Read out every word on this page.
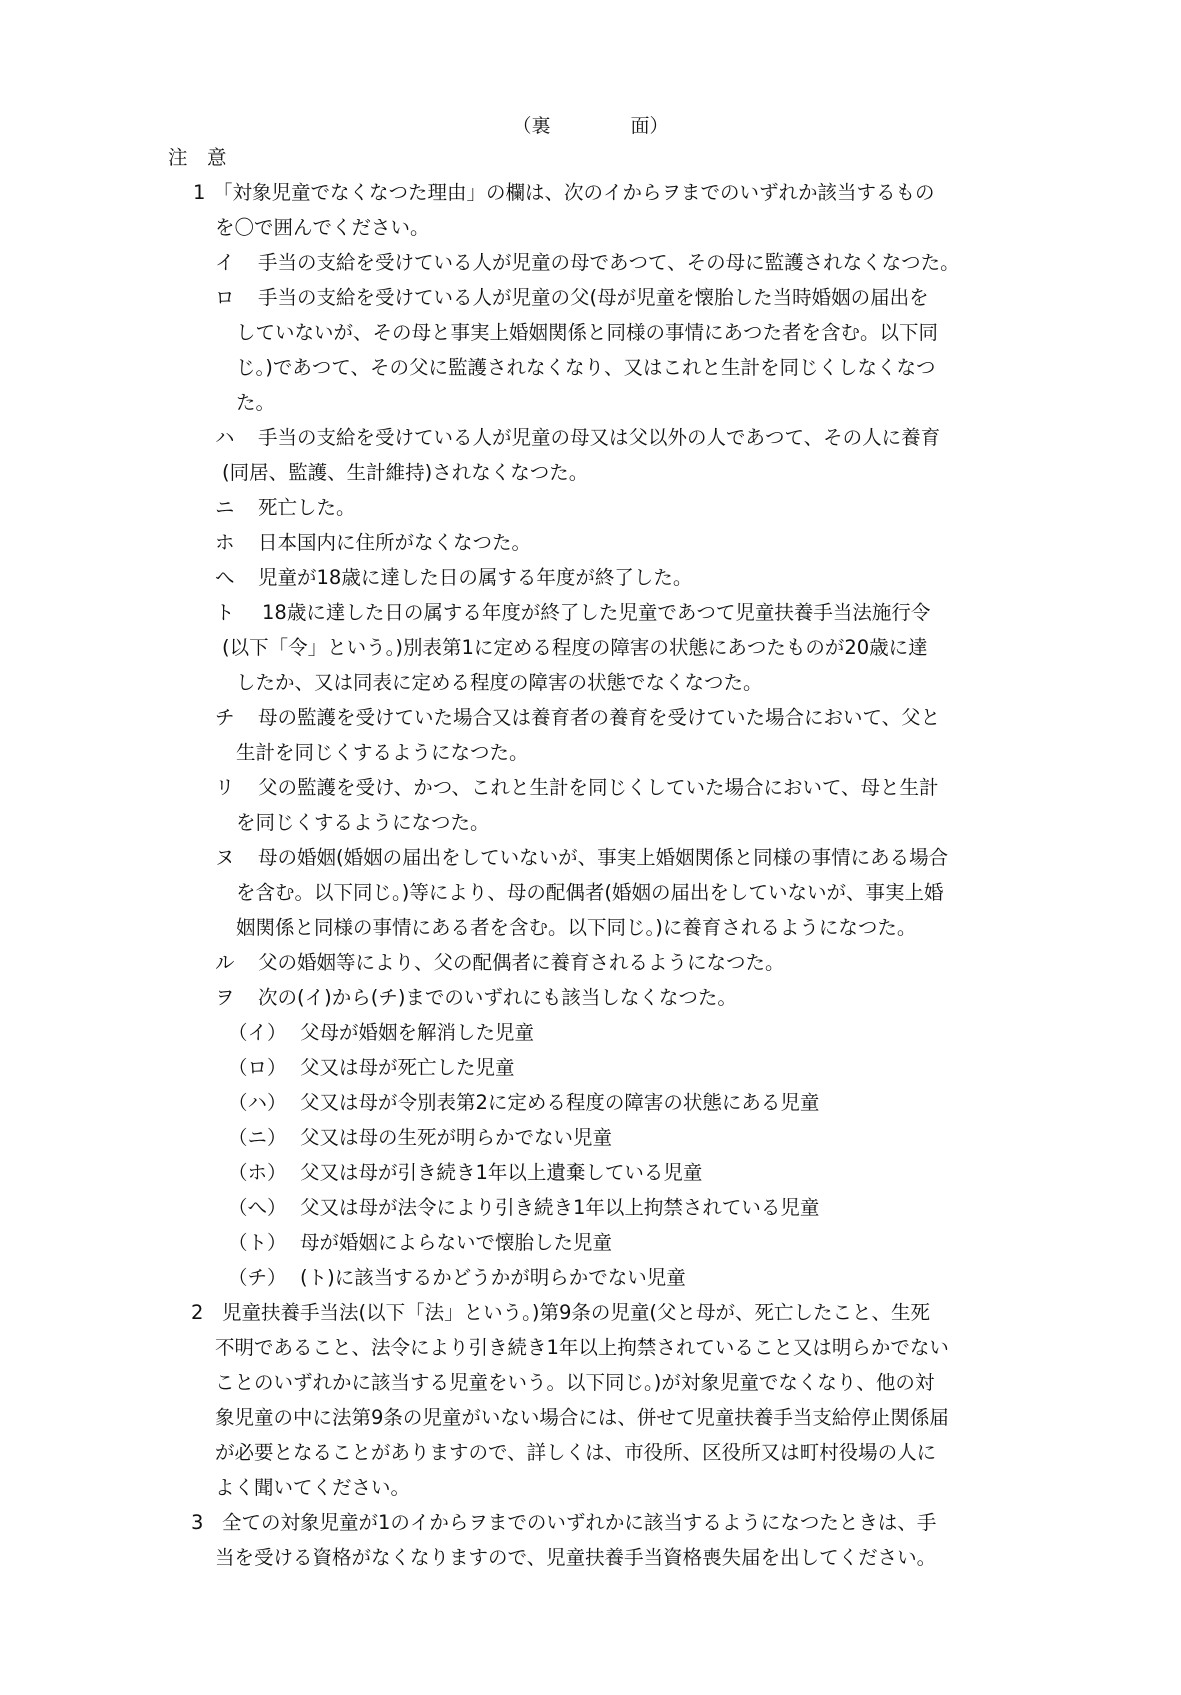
（裏	面）
注　意
1 「対象児童でなくなつた理由」の欄は、次のイからヲまでのいずれか該当するもの
を〇で囲んでください。
イ 手当の支給を受けている人が児童の母であつて、その母に監護されなくなつた。
ロ 手当の支給を受けている人が児童の父(母が児童を懐胎した当時婚姻の届出を
していないが、その母と事実上婚姻関係と同様の事情にあつた者を含む。以下同
じ。)であつて、その父に監護されなくなり、又はこれと生計を同じくしなくなつ
た。
ハ 手当の支給を受けている人が児童の母又は父以外の人であつて、その人に養育
(同居、監護、生計維持)されなくなつた。
ニ 死亡した。
ホ 日本国内に住所がなくなつた。
へ 児童が18歳に達した日の属する年度が終了した。
ト 18歳に達した日の属する年度が終了した児童であつて児童扶養手当法施行令
(以下「令」という。)別表第1に定める程度の障害の状態にあつたものが20歳に達
したか、又は同表に定める程度の障害の状態でなくなつた。
チ 母の監護を受けていた場合又は養育者の養育を受けていた場合において、父と
生計を同じくするようになつた。
リ 父の監護を受け、かつ、これと生計を同じくしていた場合において、母と生計
を同じくするようになつた。
ヌ 母の婚姻(婚姻の届出をしていないが、事実上婚姻関係と同様の事情にある場合
を含む。以下同じ。)等により、母の配偶者(婚姻の届出をしていないが、事実上婚
姻関係と同様の事情にある者を含む。以下同じ。)に養育されるようになつた。
ル 父の婚姻等により、父の配偶者に養育されるようになつた。
ヲ 次の(イ)から(チ)までのいずれにも該当しなくなつた。
（イ） 父母が婚姻を解消した児童
（ロ） 父又は母が死亡した児童
（ハ） 父又は母が令別表第2に定める程度の障害の状態にある児童
（ニ） 父又は母の生死が明らかでない児童
（ホ） 父又は母が引き続き1年以上遺棄している児童
（へ） 父又は母が法令により引き続き1年以上拘禁されている児童
（ト） 母が婚姻によらないで懐胎した児童
（チ） (ト)に該当するかどうかが明らかでない児童
2 児童扶養手当法(以下「法」という。)第9条の児童(父と母が、死亡したこと、生死
不明であること、法令により引き続き1年以上拘禁されていること又は明らかでない
ことのいずれかに該当する児童をいう。以下同じ。)が対象児童でなくなり、他の対
象児童の中に法第9条の児童がいない場合には、併せて児童扶養手当支給停止関係届
が必要となることがありますので、詳しくは、市役所、区役所又は町村役場の人に
よく聞いてください。
3 全ての対象児童が1のイからヲまでのいずれかに該当するようになつたときは、手
当を受ける資格がなくなりますので、児童扶養手当資格喪失届を出してください。
